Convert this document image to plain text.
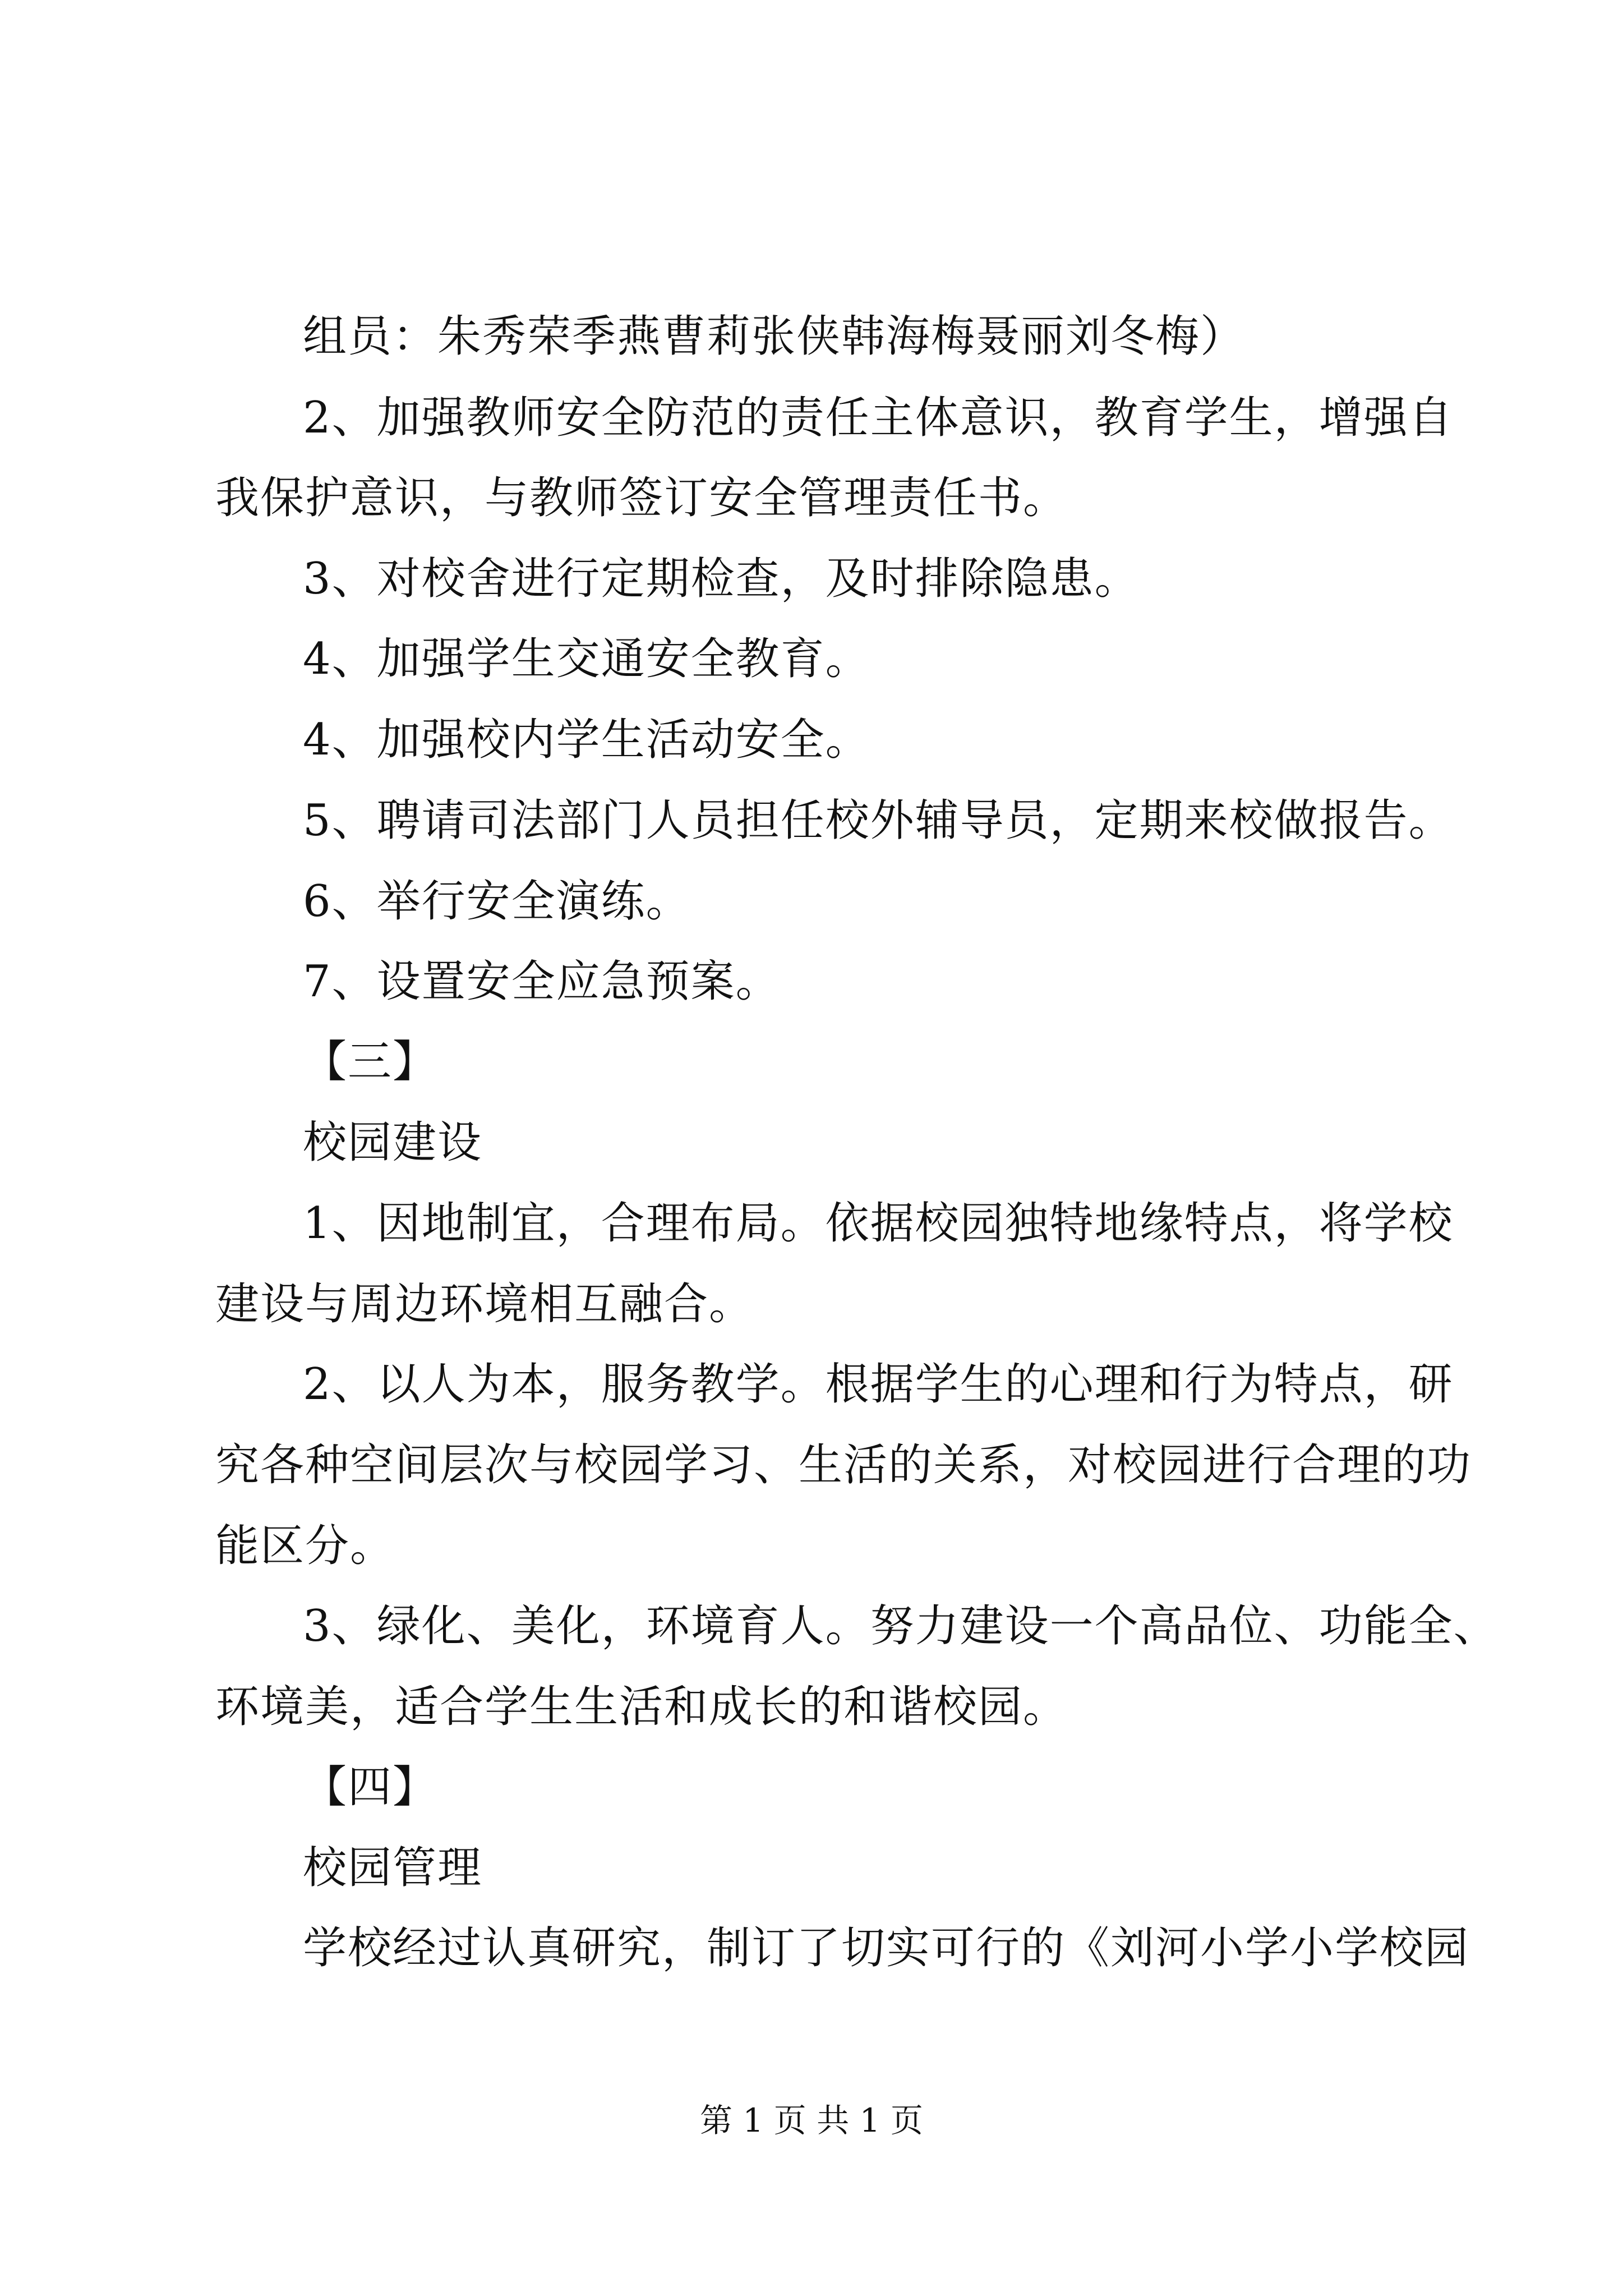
组员：朱秀荣季燕曹莉张侠韩海梅聂丽刘冬梅）
2、加强教师安全防范的责任主体意识，教育学生，增强自
我保护意识，与教师签订安全管理责任书。
3、对校舍进行定期检查，及时排除隐患。
4、加强学生交通安全教育。
4、加强校内学生活动安全。
5、聘请司法部门人员担任校外辅导员，定期来校做报告。
6、举行安全演练。
7、设置安全应急预案。
【三】
校园建设
1、因地制宜，合理布局。依据校园独特地缘特点，将学校
建设与周边环境相互融合。
2、以人为本，服务教学。根据学生的心理和行为特点，研
究各种空间层次与校园学习、生活的关系，对校园进行合理的功
能区分。
3、绿化、美化，环境育人。努力建设一个高品位、功能全、
环境美，适合学生生活和成长的和谐校园。
【四】
校园管理
学校经过认真研究，制订了切实可行的《刘河小学小学校园
第 1 页 共 1 页
